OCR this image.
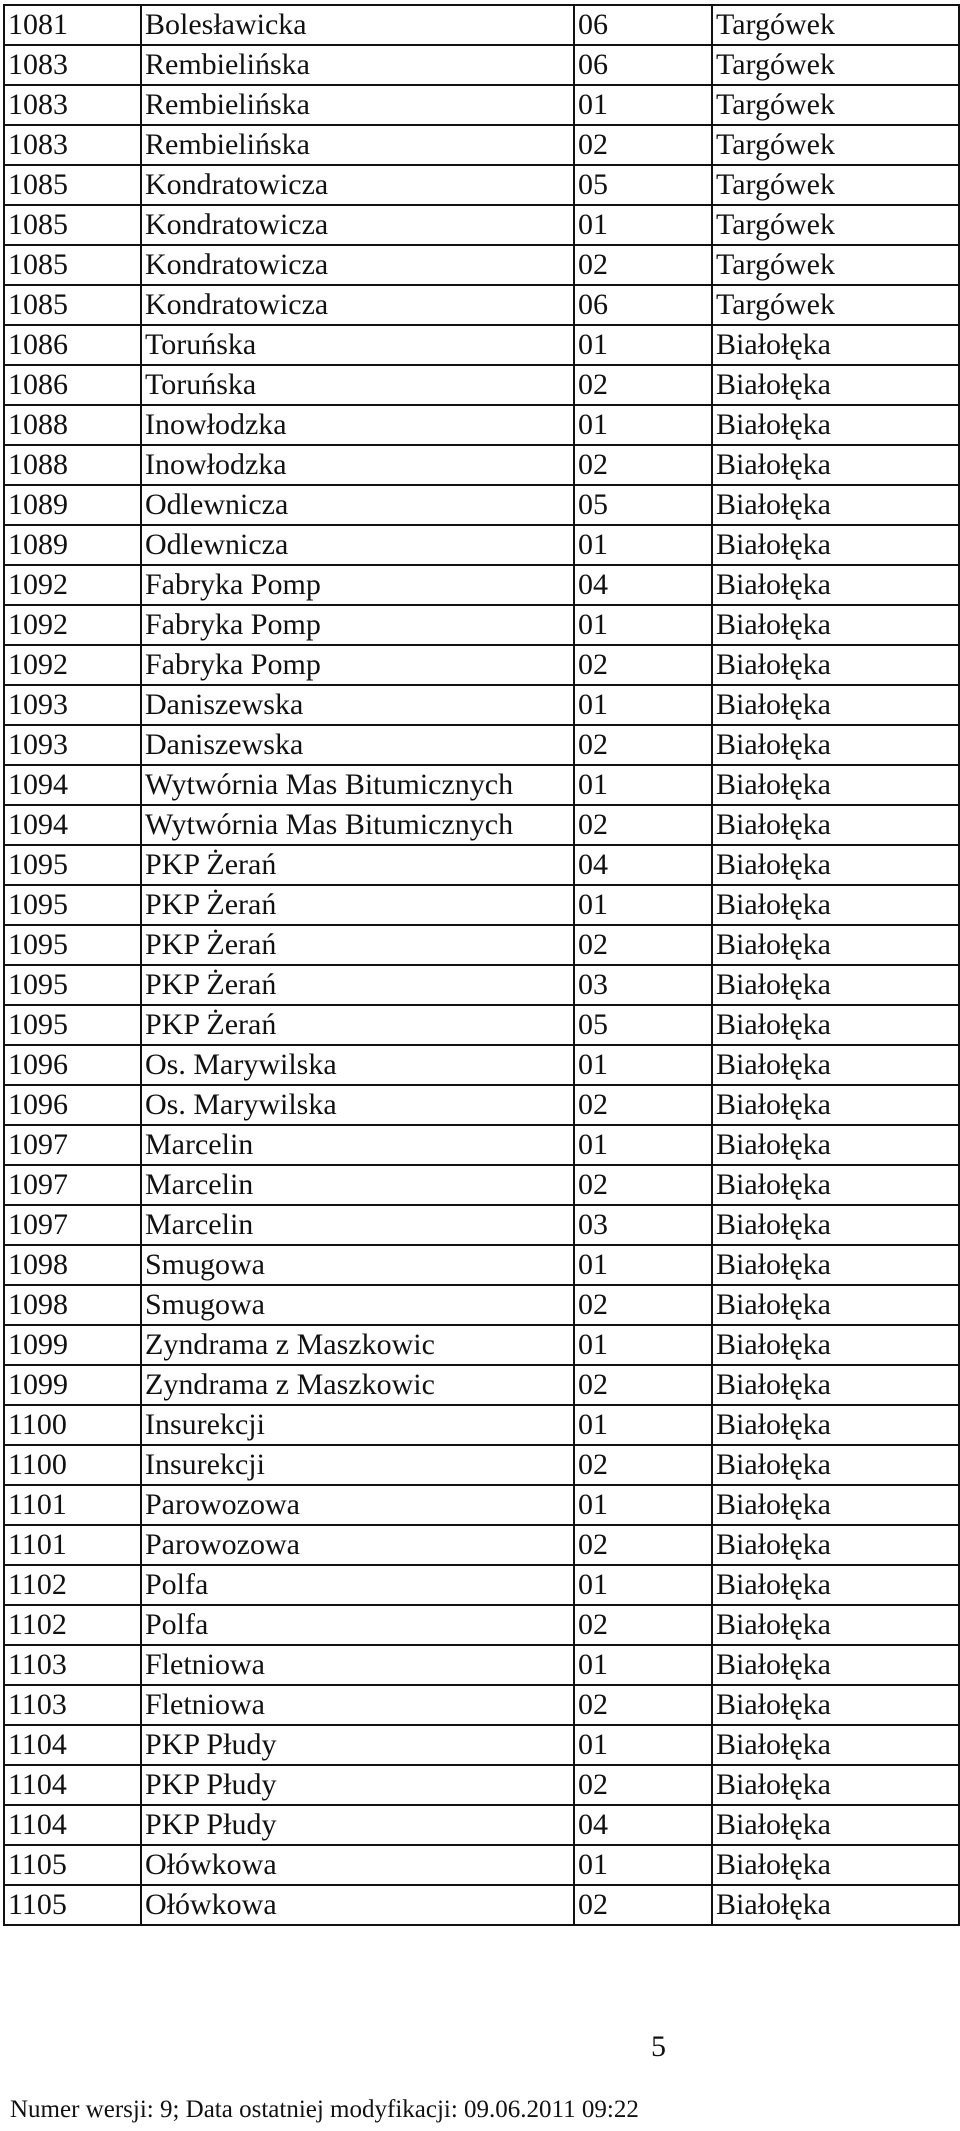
1081	Bolesławicka	06	Targówek
1083	Rembielińska	06	Targówek
1083	Rembielińska	01	Targówek
1083	Rembielińska	02	Targówek
1085	Kondratowicza	05	Targówek
1085	Kondratowicza	01	Targówek
1085	Kondratowicza	02	Targówek
1085	Kondratowicza	06	Targówek
1086	Toruńska	01	Białołęka
1086	Toruńska	02	Białołęka
1088	Inowłodzka	01	Białołęka
1088	Inowłodzka	02	Białołęka
1089	Odlewnicza	05	Białołęka
1089	Odlewnicza	01	Białołęka
1092	Fabryka Pomp	04	Białołęka
1092	Fabryka Pomp	01	Białołęka
1092	Fabryka Pomp	02	Białołęka
1093	Daniszewska	01	Białołęka
1093	Daniszewska	02	Białołęka
1094	Wytwórnia Mas Bitumicznych	01	Białołęka
1094	Wytwórnia Mas Bitumicznych	02	Białołęka
1095	PKP Żerań	04	Białołęka
1095	PKP Żerań	01	Białołęka
1095	PKP Żerań	02	Białołęka
1095	PKP Żerań	03	Białołęka
1095	PKP Żerań	05	Białołęka
1096	Os. Marywilska	01	Białołęka
1096	Os. Marywilska	02	Białołęka
1097	Marcelin	01	Białołęka
1097	Marcelin	02	Białołęka
1097	Marcelin	03	Białołęka
1098	Smugowa	01	Białołęka
1098	Smugowa	02	Białołęka
1099	Zyndrama z Maszkowic	01	Białołęka
1099	Zyndrama z Maszkowic	02	Białołęka
1100	Insurekcji	01	Białołęka
1100	Insurekcji	02	Białołęka
1101	Parowozowa	01	Białołęka
1101	Parowozowa	02	Białołęka
1102	Polfa	01	Białołęka
1102	Polfa	02	Białołęka
1103	Fletniowa	01	Białołęka
1103	Fletniowa	02	Białołęka
1104	PKP Płudy	01	Białołęka
1104	PKP Płudy	02	Białołęka
1104	PKP Płudy	04	Białołęka
1105	Ołówkowa	01	Białołęka
1105	Ołówkowa	02	Białołęka
5
Numer wersji: 9; Data ostatniej modyfikacji: 09.06.2011 09:22
